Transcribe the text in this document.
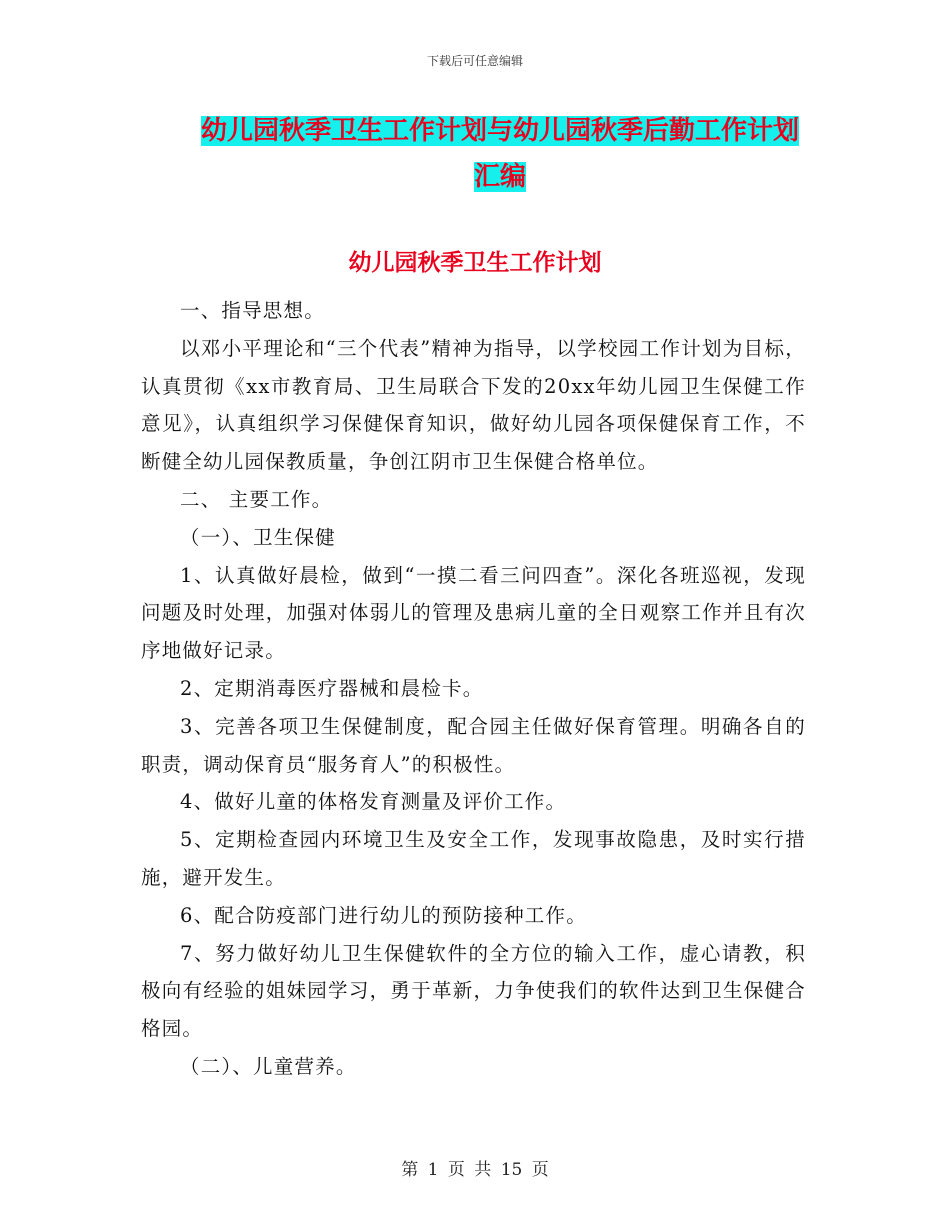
下载后可任意编辑
幼儿园秋季卫生工作计划与幼儿园秋季后勤工作计划
汇编
幼儿园秋季卫生工作计划

一、指导思想。

以邓小平理论和“三个代表”精神为指导，以学校园工作计划为目标，认真贯彻《xx市教育局、卫生局联合下发的20xx年幼儿园卫生保健工作意见》，认真组织学习保健保育知识，做好幼儿园各项保健保育工作，不断健全幼儿园保教质量，争创江阴市卫生保健合格单位。

二、 主要工作。

（一）、卫生保健

1、认真做好晨检，做到“一摸二看三问四查”。深化各班巡视，发现问题及时处理，加强对体弱儿的管理及患病儿童的全日观察工作并且有次序地做好记录。

2、定期消毒医疗器械和晨检卡。

3、完善各项卫生保健制度，配合园主任做好保育管理。明确各自的职责，调动保育员“服务育人”的积极性。

4、做好儿童的体格发育测量及评价工作。

5、定期检查园内环境卫生及安全工作，发现事故隐患，及时实行措施，避开发生。

6、配合防疫部门进行幼儿的预防接种工作。

7、努力做好幼儿卫生保健软件的全方位的输入工作，虚心请教，积极向有经验的姐妹园学习，勇于革新，力争使我们的软件达到卫生保健合格园。

（二）、儿童营养。

第 1 页 共 15 页
